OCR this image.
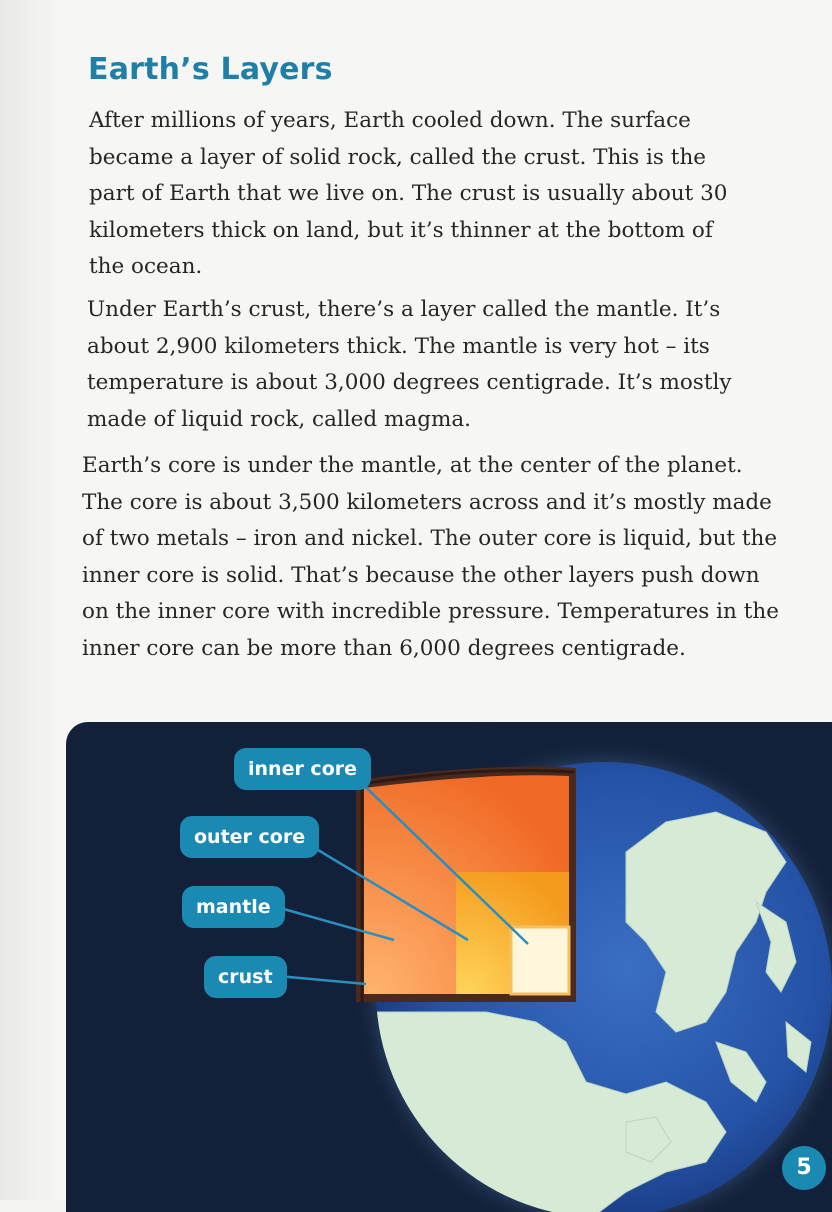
Earth’s Layers

After millions of years, Earth cooled down. The surface became a layer of solid rock, called the crust. This is the part of Earth that we live on. The crust is usually about 30 kilometers thick on land, but it’s thinner at the bottom of the ocean.

Under Earth’s crust, there’s a layer called the mantle. It’s about 2,900 kilometers thick. The mantle is very hot – its temperature is about 3,000 degrees centigrade. It’s mostly made of liquid rock, called magma.

Earth’s core is under the mantle, at the center of the planet. The core is about 3,500 kilometers across and it’s mostly made of two metals – iron and nickel. The outer core is liquid, but the inner core is solid. That’s because the other layers push down on the inner core with incredible pressure. Temperatures in the inner core can be more than 6,000 degrees centigrade.

inner core
outer core
mantle
crust
5
